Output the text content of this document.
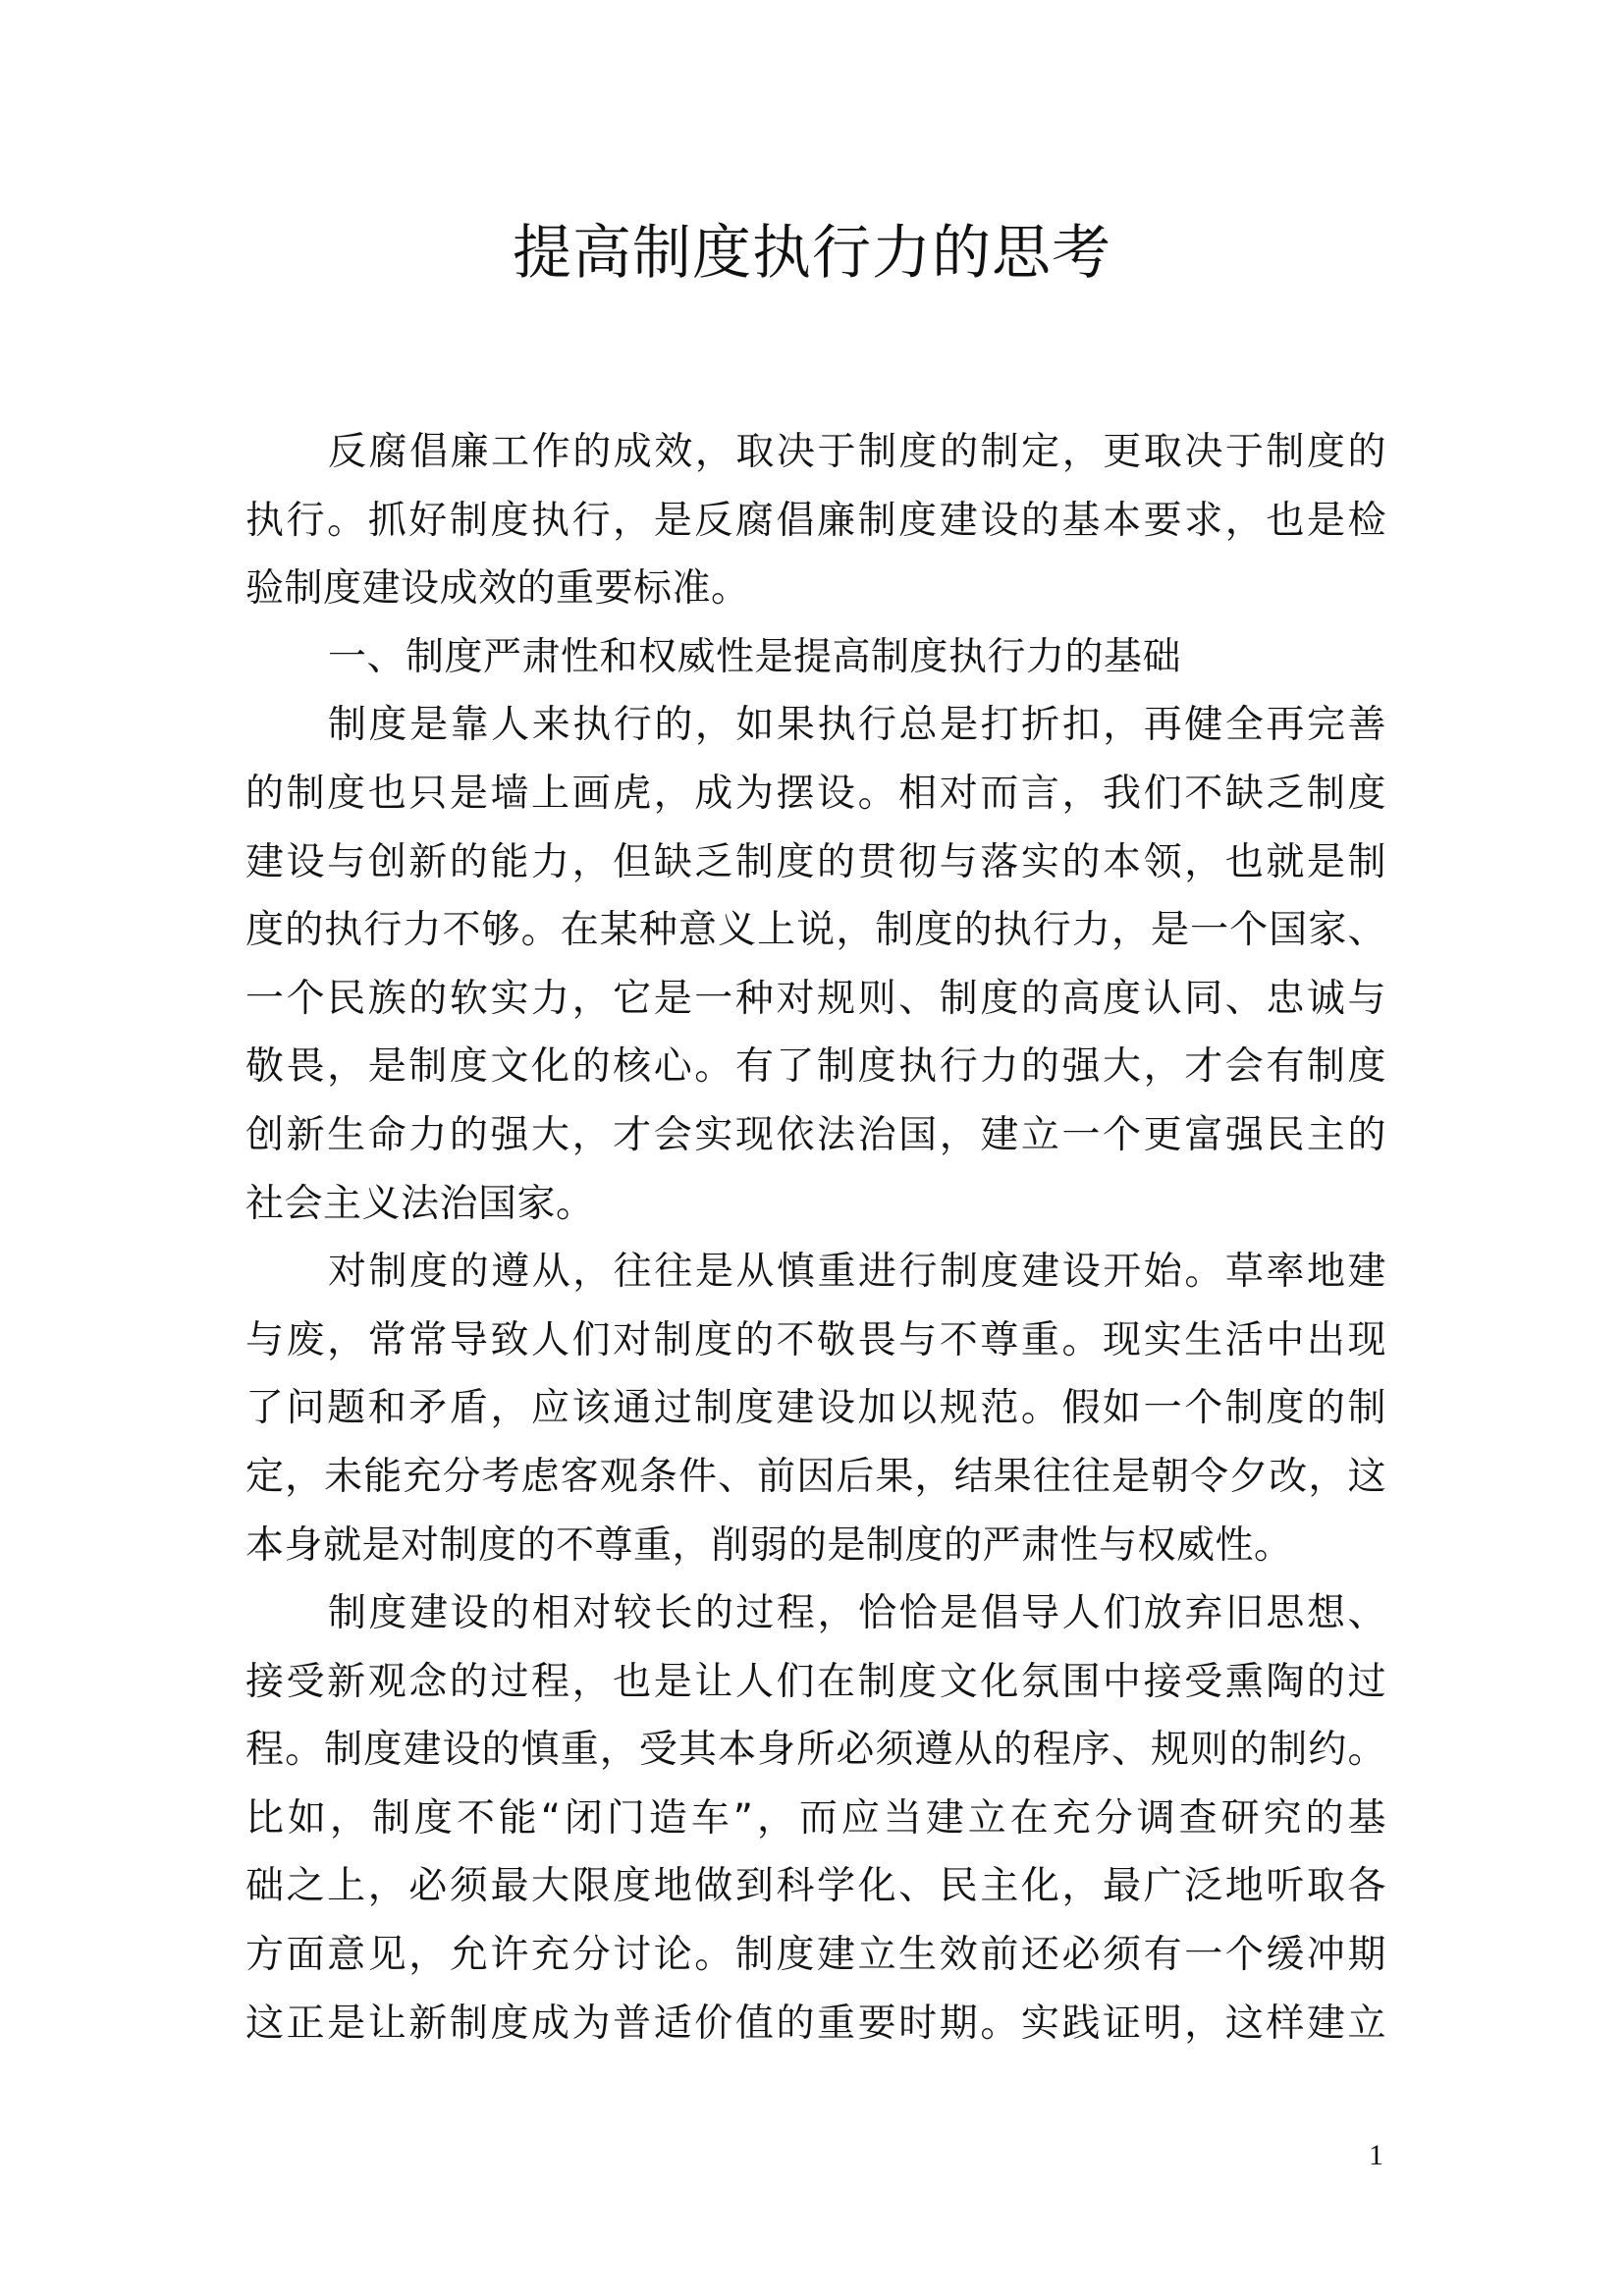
提高制度执行力的思考
反腐倡廉工作的成效，取决于制度的制定，更取决于制度的
执行。抓好制度执行，是反腐倡廉制度建设的基本要求，也是检
验制度建设成效的重要标准。
一、制度严肃性和权威性是提高制度执行力的基础
制度是靠人来执行的，如果执行总是打折扣，再健全再完善
的制度也只是墙上画虎，成为摆设。相对而言，我们不缺乏制度
建设与创新的能力，但缺乏制度的贯彻与落实的本领，也就是制
度的执行力不够。在某种意义上说，制度的执行力，是一个国家、
一个民族的软实力，它是一种对规则、制度的高度认同、忠诚与
敬畏，是制度文化的核心。有了制度执行力的强大，才会有制度
创新生命力的强大，才会实现依法治国，建立一个更富强民主的
社会主义法治国家。
对制度的遵从，往往是从慎重进行制度建设开始。草率地建
与废，常常导致人们对制度的不敬畏与不尊重。现实生活中出现
了问题和矛盾，应该通过制度建设加以规范。假如一个制度的制
定，未能充分考虑客观条件、前因后果，结果往往是朝令夕改，这
本身就是对制度的不尊重，削弱的是制度的严肃性与权威性。
制度建设的相对较长的过程，恰恰是倡导人们放弃旧思想、
接受新观念的过程，也是让人们在制度文化氛围中接受熏陶的过
程。制度建设的慎重，受其本身所必须遵从的程序、规则的制约。
比如，制度不能“闭门造车”，而应当建立在充分调查研究的基
础之上，必须最大限度地做到科学化、民主化，最广泛地听取各
方面意见，允许充分讨论。制度建立生效前还必须有一个缓冲期
这正是让新制度成为普适价值的重要时期。实践证明，这样建立

1
